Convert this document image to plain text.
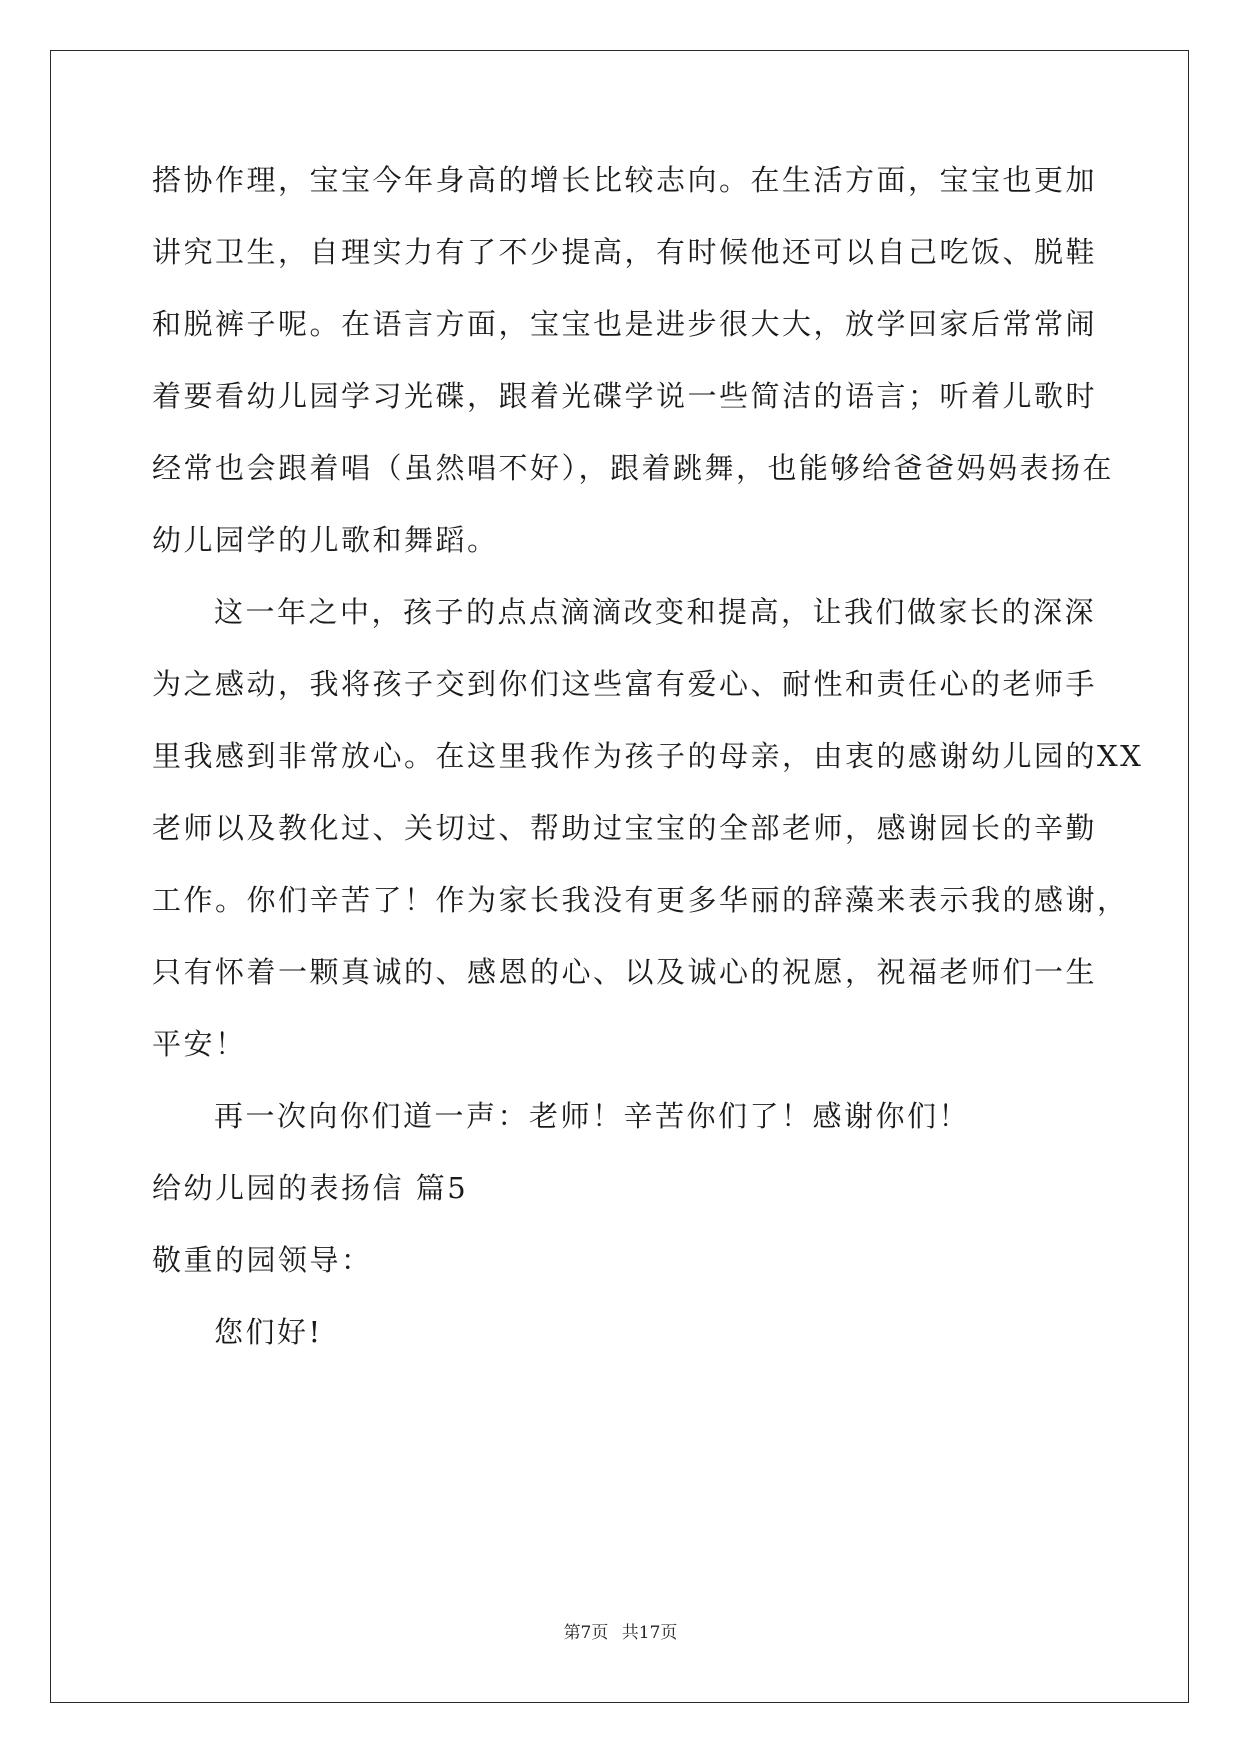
搭协作理，宝宝今年身高的增长比较志向。在生活方面，宝宝也更加
讲究卫生，自理实力有了不少提高，有时候他还可以自己吃饭、脱鞋
和脱裤子呢。在语言方面，宝宝也是进步很大大，放学回家后常常闹
着要看幼儿园学习光碟，跟着光碟学说一些简洁的语言；听着儿歌时
经常也会跟着唱（虽然唱不好），跟着跳舞，也能够给爸爸妈妈表扬在
幼儿园学的儿歌和舞蹈。
这一年之中，孩子的点点滴滴改变和提高，让我们做家长的深深
为之感动，我将孩子交到你们这些富有爱心、耐性和责任心的老师手
里我感到非常放心。在这里我作为孩子的母亲，由衷的感谢幼儿园的XX
老师以及教化过、关切过、帮助过宝宝的全部老师，感谢园长的辛勤
工作。你们辛苦了！作为家长我没有更多华丽的辞藻来表示我的感谢，
只有怀着一颗真诚的、感恩的心、以及诚心的祝愿，祝福老师们一生
平安！
再一次向你们道一声：老师！辛苦你们了！感谢你们！
给幼儿园的表扬信 篇5
敬重的园领导：
您们好!
第7页 共17页
